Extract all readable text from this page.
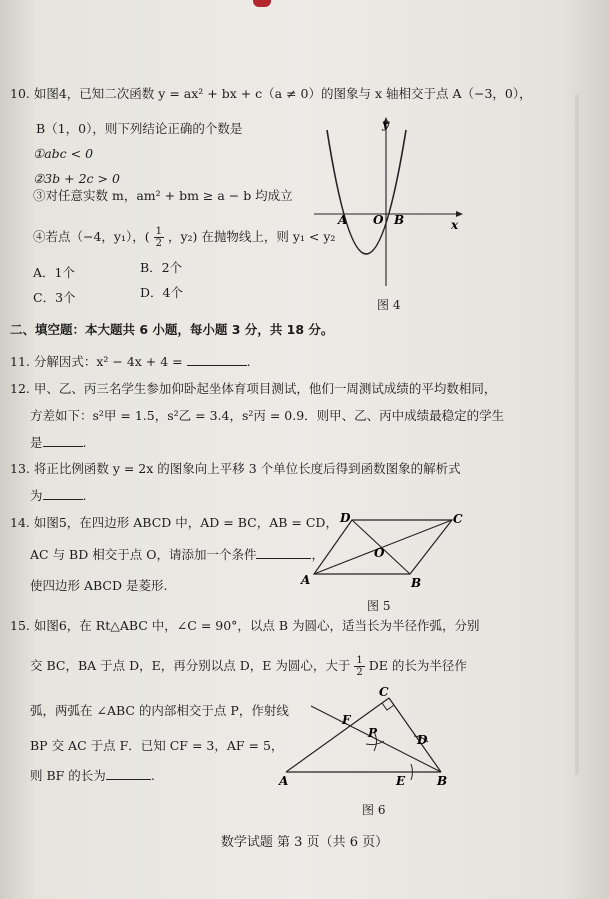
10. 如图4，已知二次函数 y = ax² + bx + c（a ≠ 0）的图象与 x 轴相交于点 A（−3，0），
B（1，0），则下列结论正确的个数是
①abc < 0
②3b + 2c > 0
③对任意实数 m，am² + bm ≥ a − b 均成立
④若点（−4，y₁），( $\frac{1}{2}$ ，y₂) 在抛物线上，则 y₁ < y₂
A．1个	B．2个
C．3个	D．4个
y
x
A O B
图 4
二、填空题：本大题共 6 小题，每小题 3 分，共 18 分。
11. 分解因式：x² − 4x + 4 =	.
12. 甲、乙、丙三名学生参加仰卧起坐体育项目测试，他们一周测试成绩的平均数相同，
方差如下：s²甲 = 1.5，s²乙 = 3.4，s²丙 = 0.9．则甲、乙、丙中成绩最稳定的学生
是	.
13. 将正比例函数 y = 2x 的图象向上平移 3 个单位长度后得到函数图象的解析式
为	.
14. 如图5，在四边形 ABCD 中，AD = BC，AB = CD，
AC 与 BD 相交于点 O，请添加一个条件	，
使四边形 ABCD 是菱形.
D	C
O
A	B
图 5
15. 如图6，在 Rt△ABC 中，∠C = 90°，以点 B 为圆心，适当长为半径作弧，分别
交 BC，BA 于点 D，E，再分别以点 D，E 为圆心，大于 $\frac{1}{2}$ DE 的长为半径作
弧，两弧在 ∠ABC 的内部相交于点 P，作射线
BP 交 AC 于点 F．已知 CF = 3，AF = 5，
则 BF 的长为	.
C
F
P	D
A	E	B
图 6
数学试题 第 3 页（共 6 页）
